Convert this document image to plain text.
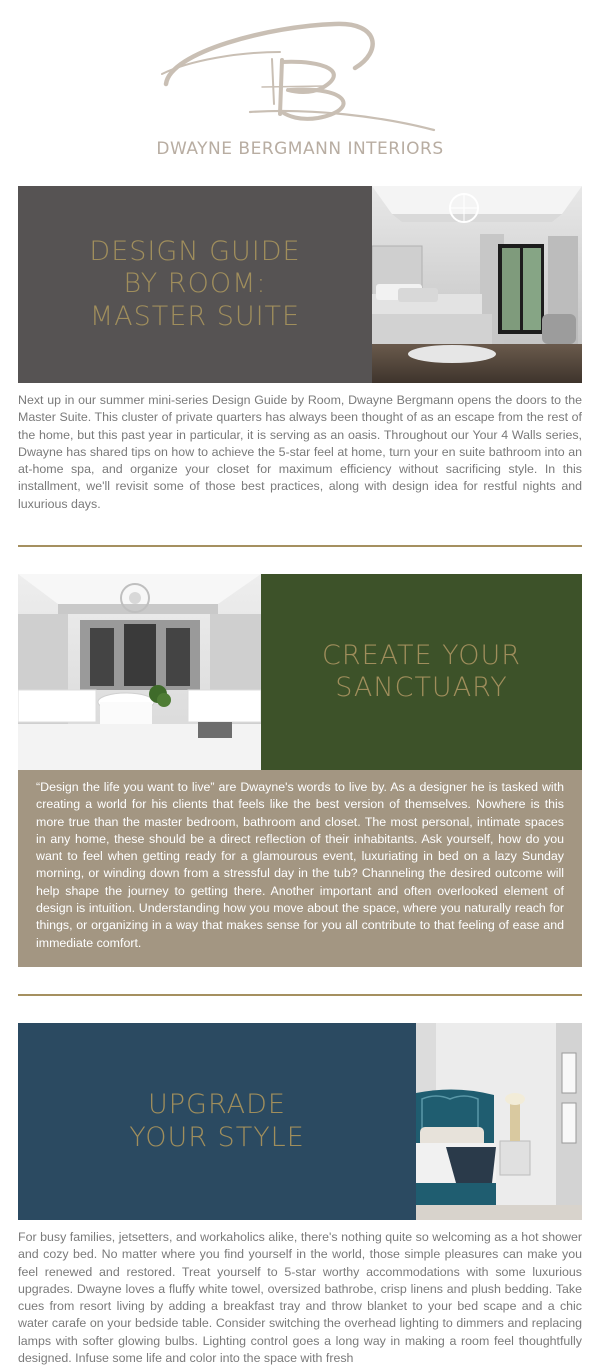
DWAYNE BERGMANN INTERIORS
DESIGN GUIDE
BY ROOM:
MASTER SUITE

Next up in our summer mini-series Design Guide by Room, Dwayne Bergmann opens the doors to the Master Suite. This cluster of private quarters has always been thought of as an escape from the rest of the home, but this past year in particular, it is serving as an oasis. Throughout our Your 4 Walls series, Dwayne has shared tips on how to achieve the 5-star feel at home, turn your en suite bathroom into an at-home spa, and organize your closet for maximum efficiency without sacrificing style. In this installment, we'll revisit some of those best practices, along with design idea for restful nights and luxurious days.

CREATE YOUR
SANCTUARY

“Design the life you want to live” are Dwayne's words to live by. As a designer he is tasked with creating a world for his clients that feels like the best version of themselves. Nowhere is this more true than the master bedroom, bathroom and closet. The most personal, intimate spaces in any home, these should be a direct reflection of their inhabitants. Ask yourself, how do you want to feel when getting ready for a glamourous event, luxuriating in bed on a lazy Sunday morning, or winding down from a stressful day in the tub? Channeling the desired outcome will help shape the journey to getting there. Another important and often overlooked element of design is intuition. Understanding how you move about the space, where you naturally reach for things, or organizing in a way that makes sense for you all contribute to that feeling of ease and immediate comfort.

UPGRADE
YOUR STYLE

For busy families, jetsetters, and workaholics alike, there's nothing quite so welcoming as a hot shower and cozy bed. No matter where you find yourself in the world, those simple pleasures can make you feel renewed and restored. Treat yourself to 5-star worthy accommodations with some luxurious upgrades. Dwayne loves a fluffy white towel, oversized bathrobe, crisp linens and plush bedding. Take cues from resort living by adding a breakfast tray and throw blanket to your bed scape and a chic water carafe on your bedside table. Consider switching the overhead lighting to dimmers and replacing lamps with softer glowing bulbs. Lighting control goes a long way in making a room feel thoughtfully designed. Infuse some life and color into the space with fresh
